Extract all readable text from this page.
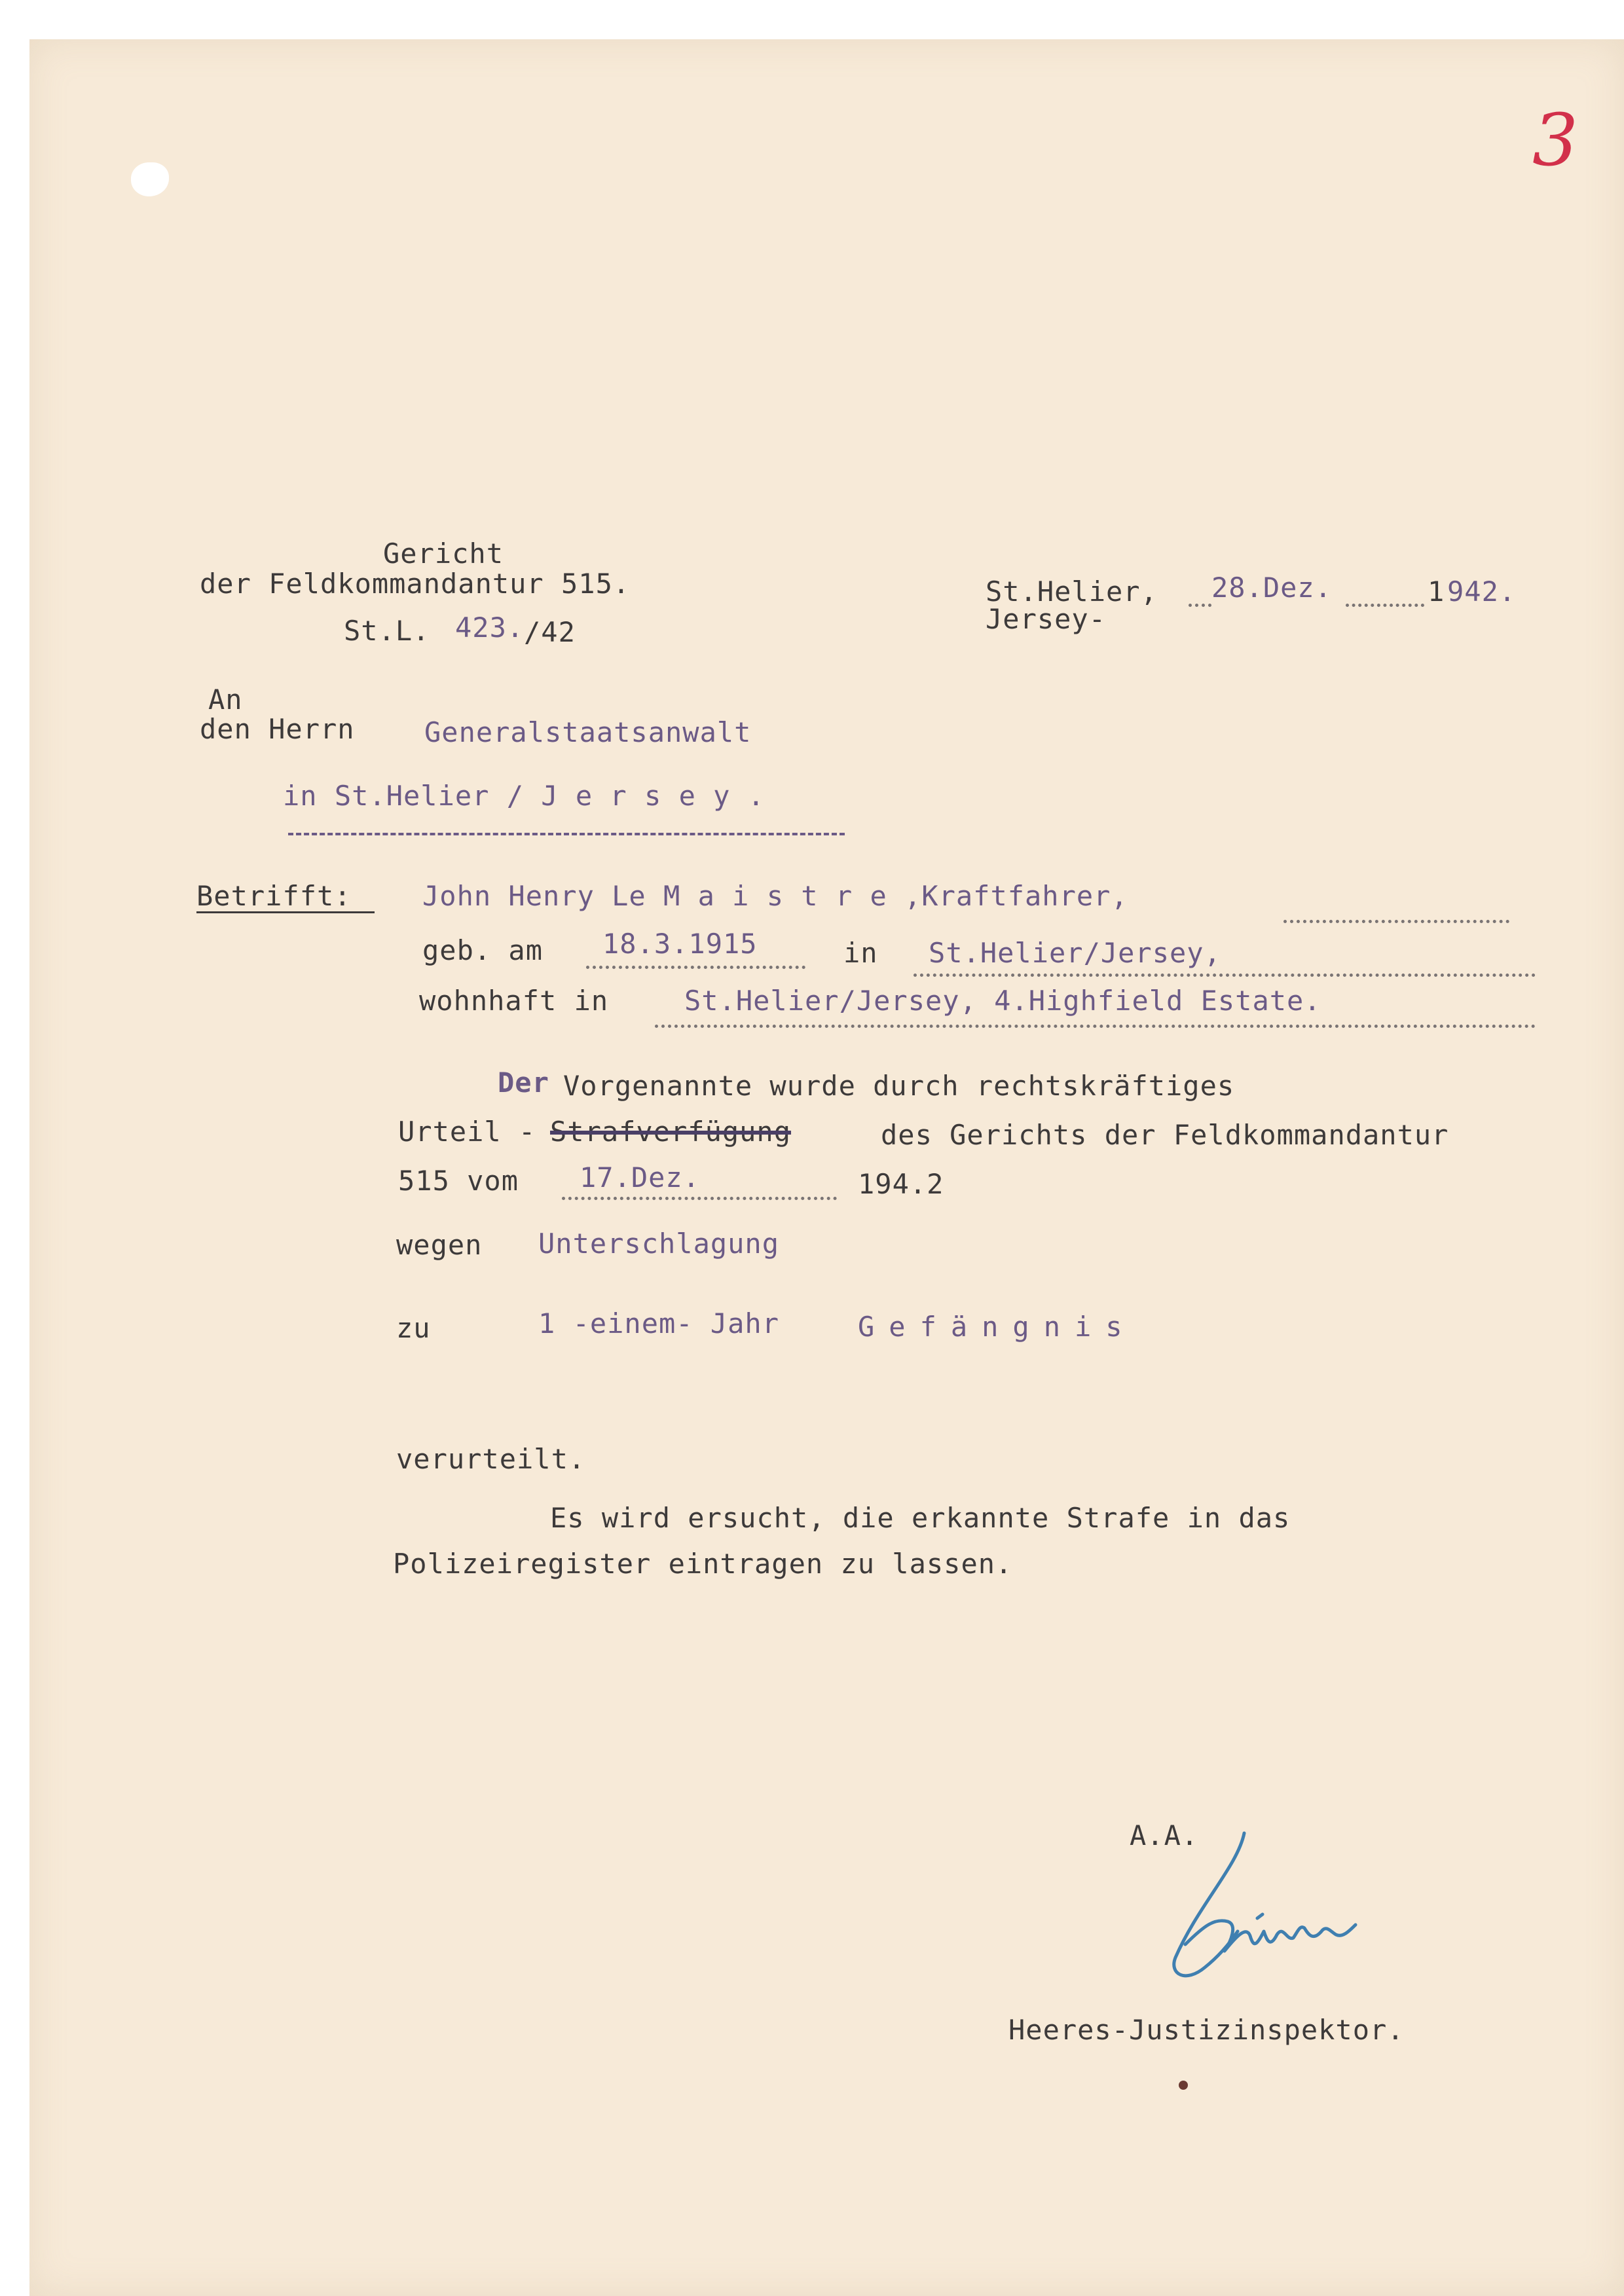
3
Gericht
der Feldkommandantur 515.
St.L. 423. /42
St.Helier, 28.Dez.	1 942.
Jersey-
An
den Herrn	Generalstaatsanwalt
in St.Helier / J e r s e y .
Betrifft:	John Henry Le M a i s t r e ,Kraftfahrer,
geb. am 18.3.1915	in St.Helier/Jersey,
wohnhaft in	St.Helier/Jersey, 4.Highfield Estate.
Der Vorgenannte wurde durch rechtskräftiges
Urteil - Strafverfügung	des Gerichts der Feldkommandantur
515 vom 17.Dez.	194.2
wegen Unterschlagung
zu	1 -einem- Jahr	Gefängnis
verurteilt.
Es wird ersucht, die erkannte Strafe in das
Polizeiregister eintragen zu lassen.
A.A.
Heeres-Justizinspektor.
